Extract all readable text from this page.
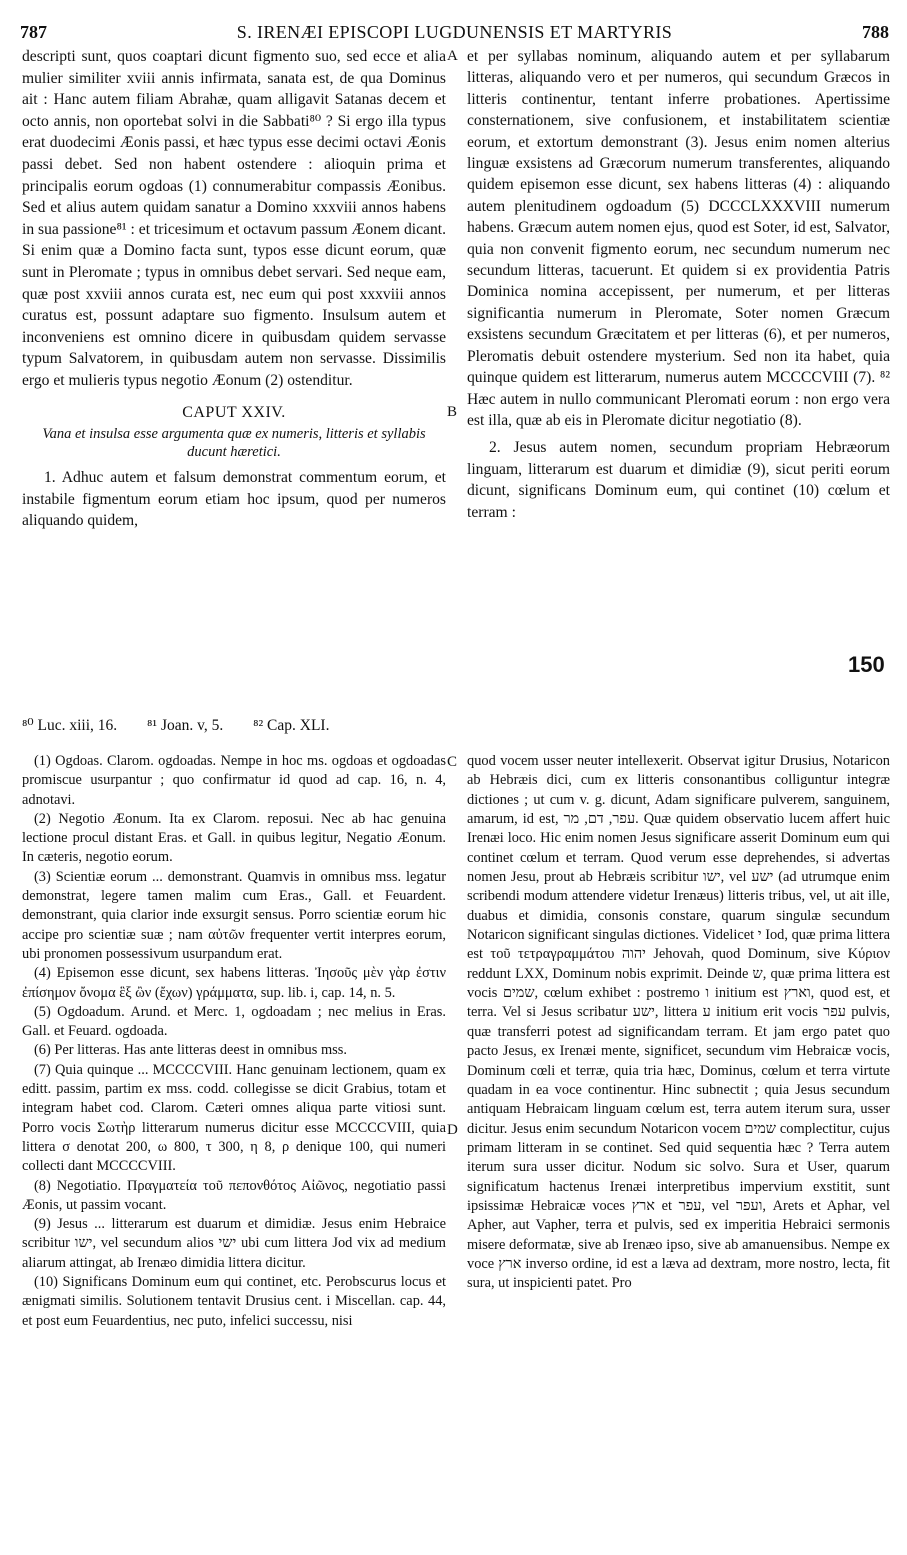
787	S. IRENÆI EPISCOPI LUGDUNENSIS ET MARTYRIS	788

descripti sunt, quos coaptari dicunt figmento suo, sed ecce et alia mulier similiter xviii annis infirmata, sanata est, de qua Dominus ait : Hanc autem filiam Abrahæ, quam alligavit Satanas decem et octo annis, non oportebat solvi in die Sabbati⁸⁰ ? Si ergo illa typus erat duodecimi Æonis passi, et hæc typus esse decimi octavi Æonis passi debet. Sed non habent ostendere : alioquin prima et principalis eorum ogdoas (1) connumerabitur compassis Æonibus. Sed et alius autem quidam sanatur a Domino xxxviii annos habens in sua passione⁸¹ : et tricesimum et octavum passum Æonem dicant. Si enim quæ a Domino facta sunt, typos esse dicunt eorum, quæ sunt in Pleromate ; typus in omnibus debet servari. Sed neque eam, quæ post xxviii annos curata est, nec eum qui post xxxviii annos curatus est, possunt adaptare suo figmento. Insulsum autem et inconveniens est omnino dicere in quibusdam quidem servasse typum Salvatorem, in quibusdam autem non servasse. Dissimilis ergo et mulieris typus negotio Æonum (2) ostenditur.

CAPUT XXIV.
Vana et insulsa esse argumenta quæ ex numeris, litteris et syllabis ducunt hæretici.

1. Adhuc autem et falsum demonstrat commentum eorum, et instabile figmentum eorum etiam hoc ipsum, quod per numeros aliquando quidem,

A
B
C
D

et per syllabas nominum, aliquando autem et per syllabarum litteras, aliquando vero et per numeros, qui secundum Græcos in litteris continentur, tentant inferre probationes. Apertissime consternationem, sive confusionem, et instabilitatem scientiæ eorum, et extortum demonstrant (3). Jesus enim nomen alterius linguæ exsistens ad Græcorum numerum transferentes, aliquando quidem episemon esse dicunt, sex habens litteras (4) : aliquando autem plenitudinem ogdoadum (5) DCCCLXXXVIII numerum habens. Græcum autem nomen ejus, quod est Soter, id est, Salvator, quia non convenit figmento eorum, nec secundum numerum nec secundum litteras, tacuerunt. Et quidem si ex providentia Patris Dominica nomina accepissent, per numerum, et per litteras significantia numerum in Pleromate, Soter nomen Græcum exsistens secundum Græcitatem et per litteras (6), et per numeros, Pleromatis debuit ostendere mysterium. Sed non ita habet, quia quinque quidem est litterarum, numerus autem MCCCCVIII (7). ⁸² Hæc autem in nullo communicant Pleromati eorum : non ergo vera est illa, quæ ab eis in Pleromate dicitur negotiatio (8).

2. Jesus autem nomen, secundum propriam Hebræorum linguam, litterarum est duarum et dimidiæ (9), sicut periti eorum dicunt, significans Dominum eum, qui continet (10) cœlum et terram :

150
⁸⁰ Luc. xiii, 16. ⁸¹ Joan. v, 5. ⁸² Cap. XLI.

(1) Ogdoas. Clarom. ogdoadas. Nempe in hoc ms. ogdoas et ogdoadas promiscue usurpantur ; quo confirmatur id quod ad cap. 16, n. 4, adnotavi.

(2) Negotio Æonum. Ita ex Clarom. reposui. Nec ab hac genuina lectione procul distant Eras. et Gall. in quibus legitur, Negatio Æonum. In cæteris, negotio eorum.

(3) Scientiæ eorum ... demonstrant. Quamvis in omnibus mss. legatur demonstrat, legere tamen malim cum Eras., Gall. et Feuardent. demonstrant, quia clarior inde exsurgit sensus. Porro scientiæ eorum hic accipe pro scientiæ suæ ; nam αὐτῶν frequenter vertit interpres eorum, ubi pronomen possessivum usurpandum erat.

(4) Episemon esse dicunt, sex habens litteras. Ἰησοῦς μὲν γὰρ ἐστιν ἐπίσημον ὄνομα ἓξ ὢν (ἔχων) γράμματα, sup. lib. i, cap. 14, n. 5.

(5) Ogdoadum. Arund. et Merc. 1, ogdoadam ; nec melius in Eras. Gall. et Feuard. ogdoada.

(6) Per litteras. Has ante litteras deest in omnibus mss.

(7) Quia quinque ... MCCCCVIII. Hanc genuinam lectionem, quam ex editt. passim, partim ex mss. codd. collegisse se dicit Grabius, totam et integram habet cod. Clarom. Cæteri omnes aliqua parte vitiosi sunt. Porro vocis Σωτὴρ litterarum numerus dicitur esse MCCCCVIII, quia littera σ denotat 200, ω 800, τ 300, η 8, ρ denique 100, qui numeri collecti dant MCCCCVIII.

(8) Negotiatio. Πραγματεία τοῦ πεπονθότος Αἰῶνος, negotiatio passi Æonis, ut passim vocant.

(9) Jesus ... litterarum est duarum et dimidiæ. Jesus enim Hebraice scribitur ישו, vel secundum alios ישי ubi cum littera Jod vix ad medium aliarum attingat, ab Irenæo dimidia littera dicitur.

(10) Significans Dominum eum qui continet, etc. Perobscurus locus et ænigmati similis. Solutionem tentavit Drusius cent. i Miscellan. cap. 44, et post eum Feuardentius, nec puto, infelici successu, nisi

quod vocem usser neuter intellexerit. Observat igitur Drusius, Notaricon ab Hebræis dici, cum ex litteris consonantibus colliguntur integræ dictiones ; ut cum v. g. dicunt, Adam significare pulverem, sanguinem, amarum, id est, עפר, דם, מר. Quæ quidem observatio lucem affert huic Irenæi loco. Hic enim nomen Jesus significare asserit Dominum eum qui continet cœlum et terram. Quod verum esse deprehendes, si advertas nomen Jesu, prout ab Hebræis scribitur ישו, vel ישע (ad utrumque enim scribendi modum attendere videtur Irenæus) litteris tribus, vel, ut ait ille, duabus et dimidia, consonis constare, quarum singulæ secundum Notaricon significant singulas dictiones. Videlicet י Iod, quæ prima littera est τοῦ τετραγραμμάτου יהוה Jehovah, quod Dominum, sive Κύριον reddunt LXX, Dominum nobis exprimit. Deinde ש, quæ prima littera est vocis שמים, cœlum exhibet : postremo ו initium est וארץ, quod est, et terra. Vel si Jesus scribatur ישע, littera ע initium erit vocis עפר pulvis, quæ transferri potest ad significandam terram. Et jam ergo patet quo pacto Jesus, ex Irenæi mente, significet, secundum vim Hebraicæ vocis, Dominum cœli et terræ, quia tria hæc, Dominus, cœlum et terra virtute quadam in ea voce continentur. Hinc subnectit ; quia Jesus secundum antiquam Hebraicam linguam cœlum est, terra autem iterum sura, usser dicitur. Jesus enim secundum Notaricon vocem שמים complectitur, cujus primam litteram in se continet. Sed quid sequentia hæc ? Terra autem iterum sura usser dicitur. Nodum sic solvo. Sura et User, quarum significatum hactenus Irenæi interpretibus impervium exstitit, sunt ipsissimæ Hebraicæ voces ארץ et עפר, vel ועפר, Arets et Aphar, vel Apher, aut Vapher, terra et pulvis, sed ex imperitia Hebraici sermonis misere deformatæ, sive ab Irenæo ipso, sive ab amanuensibus. Nempe ex voce ארץ inverso ordine, id est a læva ad dextram, more nostro, lecta, fit sura, ut inspicienti patet. Pro
